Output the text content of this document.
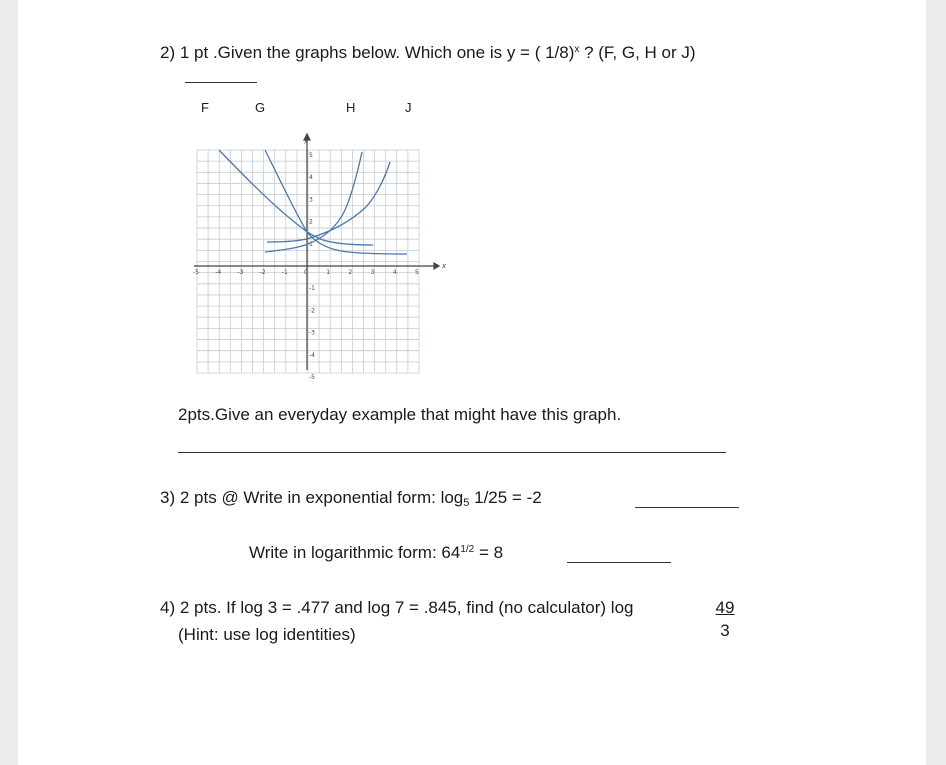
2) 1 pt .Given the graphs below. Which one is y = ( 1/8)$^x$ ? (F, G, H or J)
F	G	H	J
-5	-4	-3	-2	-1	0	1	2	3	4	5
5
4
3
2
1
-1
-2
-3
-4
-5
x
y
2pts.Give an everyday example that might have this graph.
3) 2 pts @ Write in exponential form: $\log_5 1/25 = -2$
Write in logarithmic form: $64^{1/2} = 8$
4) 2 pts. If log 3 = .477 and log 7 = .845, find (no calculator) log	$\frac{49}{3}$
(Hint: use log identities)
